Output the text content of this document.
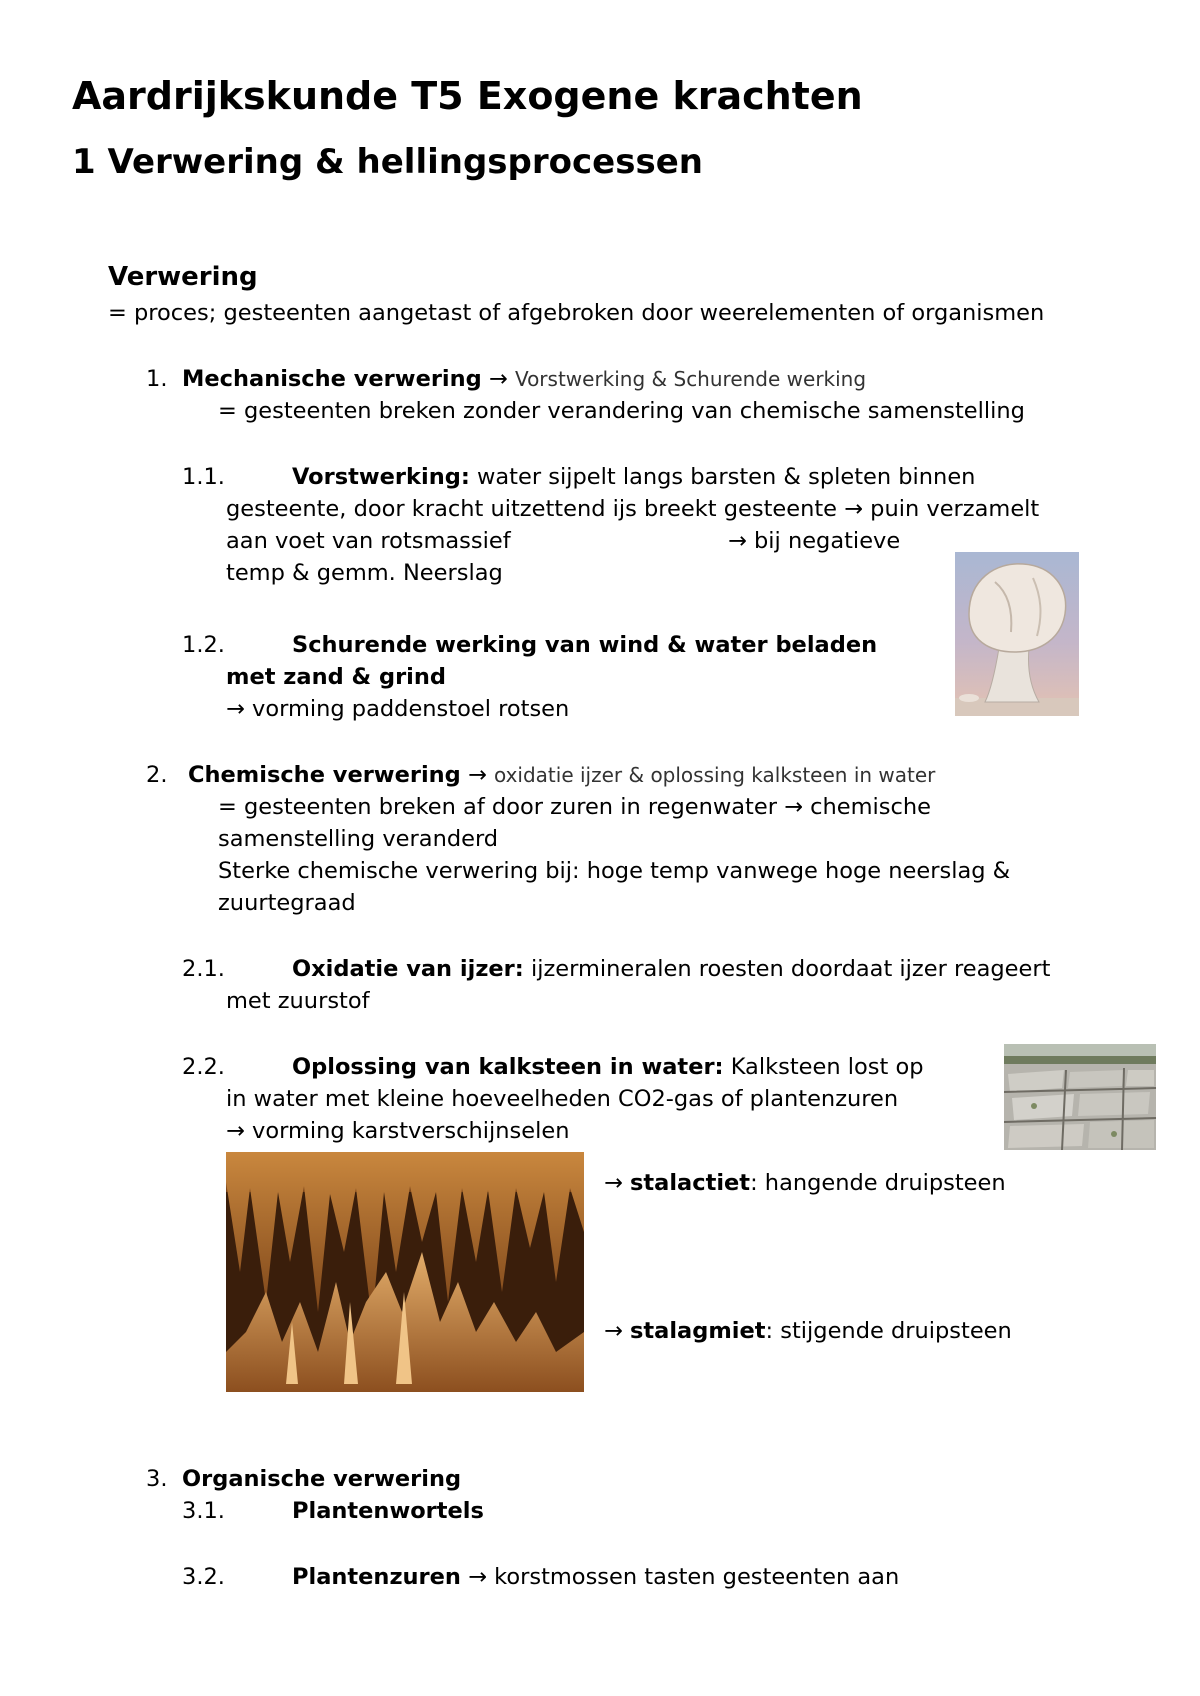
Aardrijkskunde T5 Exogene krachten
1 Verwering & hellingsprocessen
Verwering
= proces; gesteenten aangetast of afgebroken door weerelementen of organismen
1. Mechanische verwering → Vorstwerking & Schurende werking
= gesteenten breken zonder verandering van chemische samenstelling
1.1.	Vorstwerking: water sijpelt langs barsten & spleten binnen
gesteente, door kracht uitzettend ijs breekt gesteente → puin verzamelt
aan voet van rotsmassief	→ bij negatieve
temp & gemm. Neerslag
1.2.	Schurende werking van wind & water beladen
met zand & grind
→ vorming paddenstoel rotsen
2. Chemische verwering → oxidatie ijzer & oplossing kalksteen in water
= gesteenten breken af door zuren in regenwater → chemische
samenstelling veranderd
Sterke chemische verwering bij: hoge temp vanwege hoge neerslag &
zuurtegraad
2.1.	Oxidatie van ijzer: ijzermineralen roesten doordaat ijzer reageert
met zuurstof
2.2.	Oplossing van kalksteen in water: Kalksteen lost op
in water met kleine hoeveelheden CO2-gas of plantenzuren
→ vorming karstverschijnselen
→ stalactiet: hangende druipsteen
→ stalagmiet: stijgende druipsteen
3. Organische verwering
3.1.	Plantenwortels
3.2.	Plantenzuren → korstmossen tasten gesteenten aan
